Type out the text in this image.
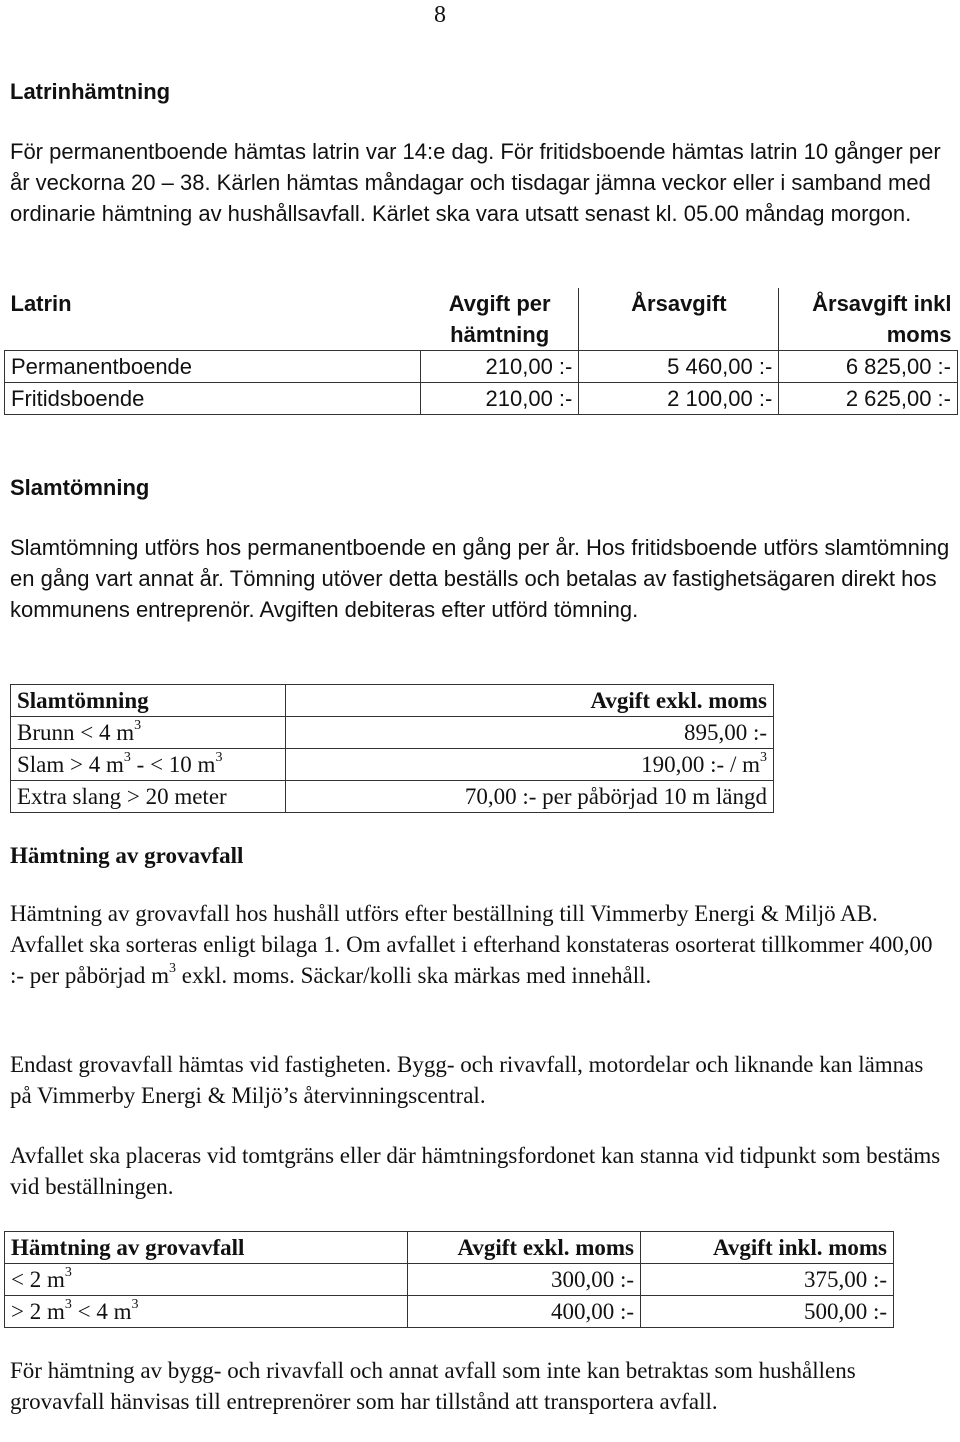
8
Latrinhämtning

För permanentboende hämtas latrin var 14:e dag. För fritidsboende hämtas latrin 10 gånger per år veckorna 20 – 38. Kärlen hämtas måndagar och tisdagar jämna veckor eller i samband med ordinarie hämtning av hushållsavfall. Kärlet ska vara utsatt senast kl. 05.00 måndag morgon.

Latrin	Avgift per hämtning	Årsavgift	Årsavgift inkl moms
Permanentboende	210,00 :-	5 460,00 :-	6 825,00 :-
Fritidsboende	210,00 :-	2 100,00 :-	2 625,00 :-
Slamtömning

Slamtömning utförs hos permanentboende en gång per år. Hos fritidsboende utförs slamtömning en gång vart annat år. Tömning utöver detta beställs och betalas av fastighetsägaren direkt hos kommunens entreprenör. Avgiften debiteras efter utförd tömning.

Slamtömning	Avgift exkl. moms
Brunn < 4 $m^3$	895,00 :-
Slam > 4 $m^3$ - < 10 $m^3$	190,00 :- / $m^3$
Extra slang > 20 meter	70,00 :- per påbörjad 10 m längd
Hämtning av grovavfall

Hämtning av grovavfall hos hushåll utförs efter beställning till Vimmerby Energi & Miljö AB. Avfallet ska sorteras enligt bilaga 1. Om avfallet i efterhand konstateras osorterat tillkommer 400,00 :- per påbörjad $m^3$ exkl. moms. Säckar/kolli ska märkas med innehåll.

Endast grovavfall hämtas vid fastigheten. Bygg- och rivavfall, motordelar och liknande kan lämnas på Vimmerby Energi & Miljö’s återvinningscentral.

Avfallet ska placeras vid tomtgräns eller där hämtningsfordonet kan stanna vid tidpunkt som bestäms vid beställningen.

Hämtning av grovavfall	Avgift exkl. moms	Avgift inkl. moms
< 2 $m^3$	300,00 :-	375,00 :-
> 2 $m^3 < 4$ $m^3$	400,00 :-	500,00 :-

För hämtning av bygg- och rivavfall och annat avfall som inte kan betraktas som hushållens grovavfall hänvisas till entreprenörer som har tillstånd att transportera avfall.
